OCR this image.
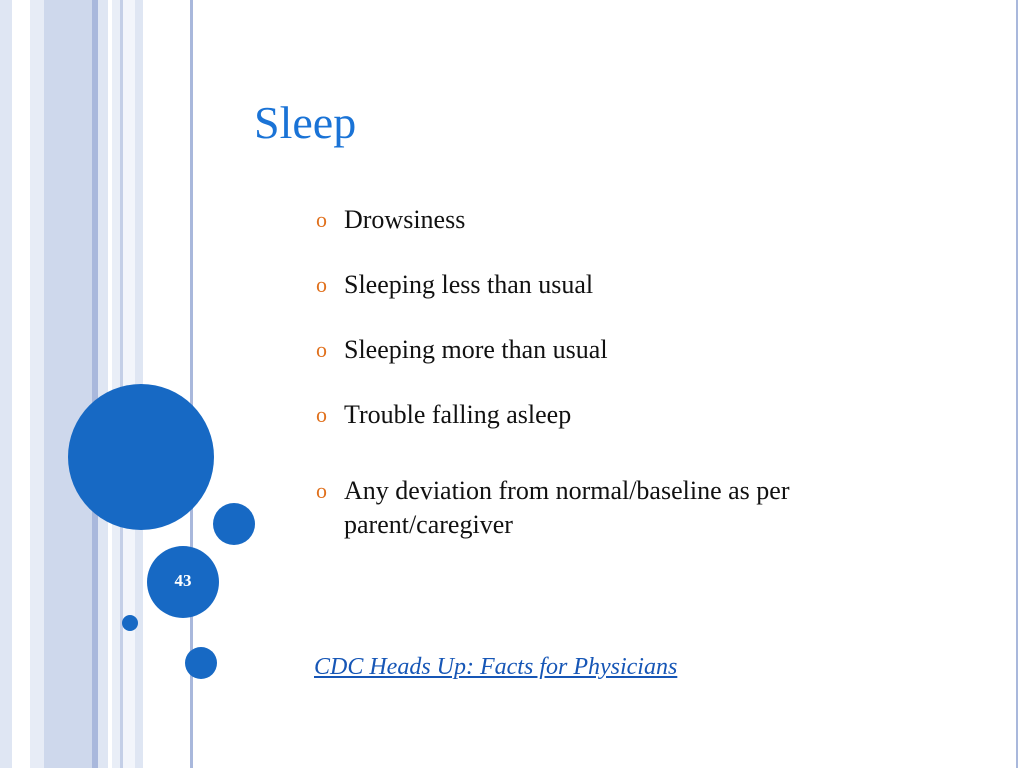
43
Sleep
o Drowsiness
o Sleeping less than usual
o Sleeping more than usual
o Trouble falling asleep
o Any deviation from normal/baseline as per parent/caregiver
CDC Heads Up: Facts for Physicians
